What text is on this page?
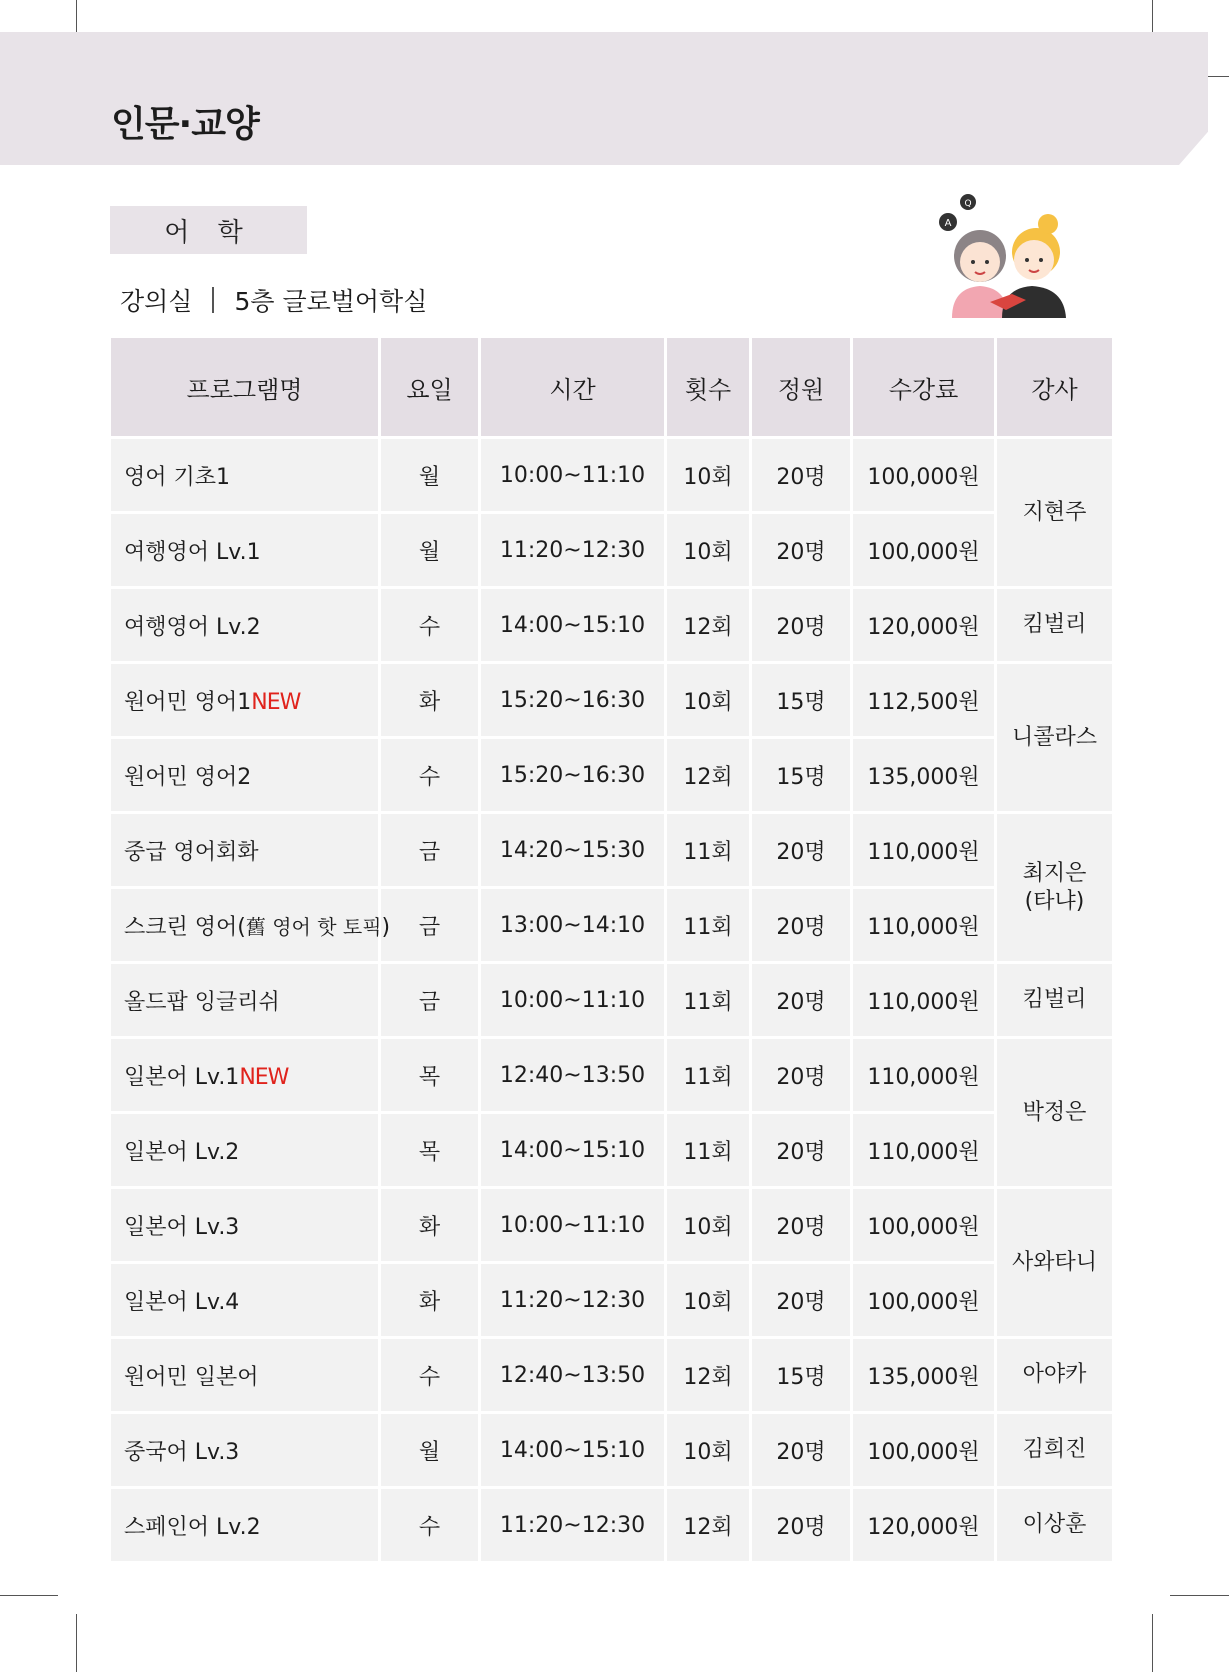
인문·교양
어 학
강의실 5층 글로벌어학실
A
Q
프로그램명	요일	시간	횟수	정원	수강료	강사
영어 기초1	월	10:00~11:10	10회	20명	100,000원	지현주
여행영어 Lv.1	월	11:20~12:30	10회	20명	100,000원	
여행영어 Lv.2	수	14:00~15:10	12회	20명	120,000원	킴벌리
원어민 영어1NEW	화	15:20~16:30	10회	15명	112,500원	니콜라스
원어민 영어2	수	15:20~16:30	12회	15명	135,000원	
중급 영어회화	금	14:20~15:30	11회	20명	110,000원	최지은
(타냐)
스크린 영어(舊 영어 핫 토픽)	금	13:00~14:10	11회	20명	110,000원	
올드팝 잉글리쉬	금	10:00~11:10	11회	20명	110,000원	킴벌리
일본어 Lv.1NEW	목	12:40~13:50	11회	20명	110,000원	박정은
일본어 Lv.2	목	14:00~15:10	11회	20명	110,000원	
일본어 Lv.3	화	10:00~11:10	10회	20명	100,000원	사와타니
일본어 Lv.4	화	11:20~12:30	10회	20명	100,000원	
원어민 일본어	수	12:40~13:50	12회	15명	135,000원	아야카
중국어 Lv.3	월	14:00~15:10	10회	20명	100,000원	김희진
스페인어 Lv.2	수	11:20~12:30	12회	20명	120,000원	이상훈
